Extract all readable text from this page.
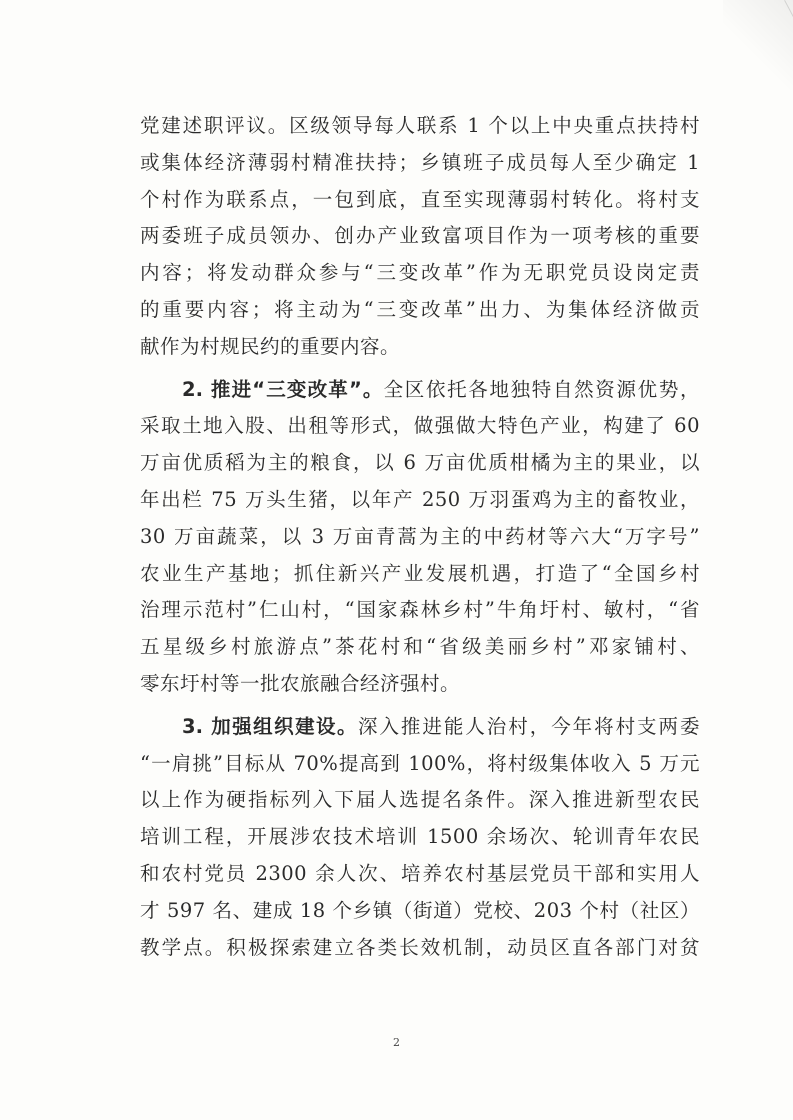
党建述职评议。区级领导每人联系 1 个以上中央重点扶持村
或集体经济薄弱村精准扶持；乡镇班子成员每人至少确定 1
个村作为联系点，一包到底，直至实现薄弱村转化。将村支
两委班子成员领办、创办产业致富项目作为一项考核的重要
内容；将发动群众参与“三变改革”作为无职党员设岗定责
的重要内容；将主动为“三变改革”出力、为集体经济做贡
献作为村规民约的重要内容。
2. 推进“三变改革”。全区依托各地独特自然资源优势，
采取土地入股、出租等形式，做强做大特色产业，构建了 60
万亩优质稻为主的粮食，以 6 万亩优质柑橘为主的果业，以
年出栏 75 万头生猪，以年产 250 万羽蛋鸡为主的畜牧业，
30 万亩蔬菜，以 3 万亩青蒿为主的中药材等六大“万字号”
农业生产基地；抓住新兴产业发展机遇，打造了“全国乡村
治理示范村”仁山村，“国家森林乡村”牛角圩村、敏村，“省
五星级乡村旅游点”茶花村和“省级美丽乡村”邓家铺村、
零东圩村等一批农旅融合经济强村。
3. 加强组织建设。深入推进能人治村，今年将村支两委
“一肩挑”目标从 70%提高到 100%，将村级集体收入 5 万元
以上作为硬指标列入下届人选提名条件。深入推进新型农民
培训工程，开展涉农技术培训 1500 余场次、轮训青年农民
和农村党员 2300 余人次、培养农村基层党员干部和实用人
才 597 名、建成 18 个乡镇（街道）党校、203 个村（社区）
教学点。积极探索建立各类长效机制，动员区直各部门对贫
2
